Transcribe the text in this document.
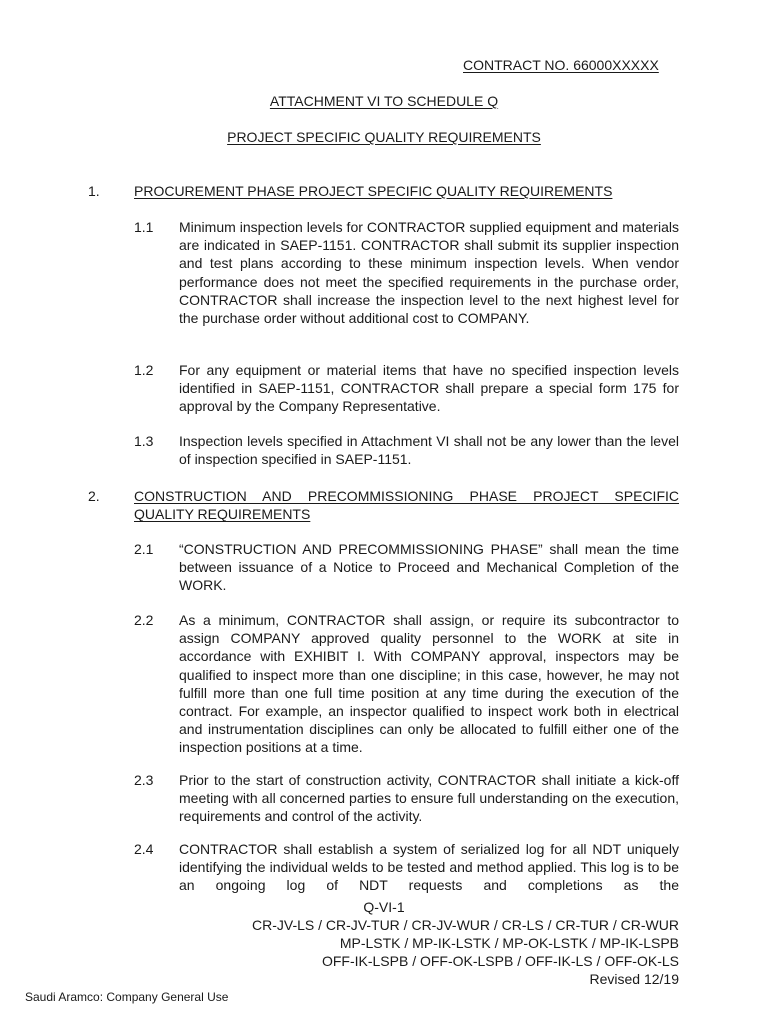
CONTRACT NO. 66000XXXXX
ATTACHMENT VI TO SCHEDULE Q
PROJECT SPECIFIC QUALITY REQUIREMENTS
1. PROCUREMENT PHASE PROJECT SPECIFIC QUALITY REQUIREMENTS
1.1 Minimum inspection levels for CONTRACTOR supplied equipment and materials are indicated in SAEP-1151. CONTRACTOR shall submit its supplier inspection and test plans according to these minimum inspection levels. When vendor performance does not meet the specified requirements in the purchase order, CONTRACTOR shall increase the inspection level to the next highest level for the purchase order without additional cost to COMPANY.
1.2 For any equipment or material items that have no specified inspection levels identified in SAEP-1151, CONTRACTOR shall prepare a special form 175 for approval by the Company Representative.
1.3 Inspection levels specified in Attachment VI shall not be any lower than the level of inspection specified in SAEP-1151.
2. CONSTRUCTION AND PRECOMMISSIONING PHASE PROJECT SPECIFIC QUALITY REQUIREMENTS
2.1 “CONSTRUCTION AND PRECOMMISSIONING PHASE” shall mean the time between issuance of a Notice to Proceed and Mechanical Completion of the WORK.
2.2 As a minimum, CONTRACTOR shall assign, or require its subcontractor to assign COMPANY approved quality personnel to the WORK at site in accordance with EXHIBIT I. With COMPANY approval, inspectors may be qualified to inspect more than one discipline; in this case, however, he may not fulfill more than one full time position at any time during the execution of the contract. For example, an inspector qualified to inspect work both in electrical and instrumentation disciplines can only be allocated to fulfill either one of the inspection positions at a time.
2.3 Prior to the start of construction activity, CONTRACTOR shall initiate a kick-off meeting with all concerned parties to ensure full understanding on the execution, requirements and control of the activity.
2.4 CONTRACTOR shall establish a system of serialized log for all NDT uniquely identifying the individual welds to be tested and method applied. This log is to be an ongoing log of NDT requests and completions as the
Q-VI-1
CR-JV-LS / CR-JV-TUR / CR-JV-WUR / CR-LS / CR-TUR / CR-WUR
MP-LSTK / MP-IK-LSTK / MP-OK-LSTK / MP-IK-LSPB
OFF-IK-LSPB / OFF-OK-LSPB / OFF-IK-LS / OFF-OK-LS
Revised 12/19
Saudi Aramco: Company General Use
